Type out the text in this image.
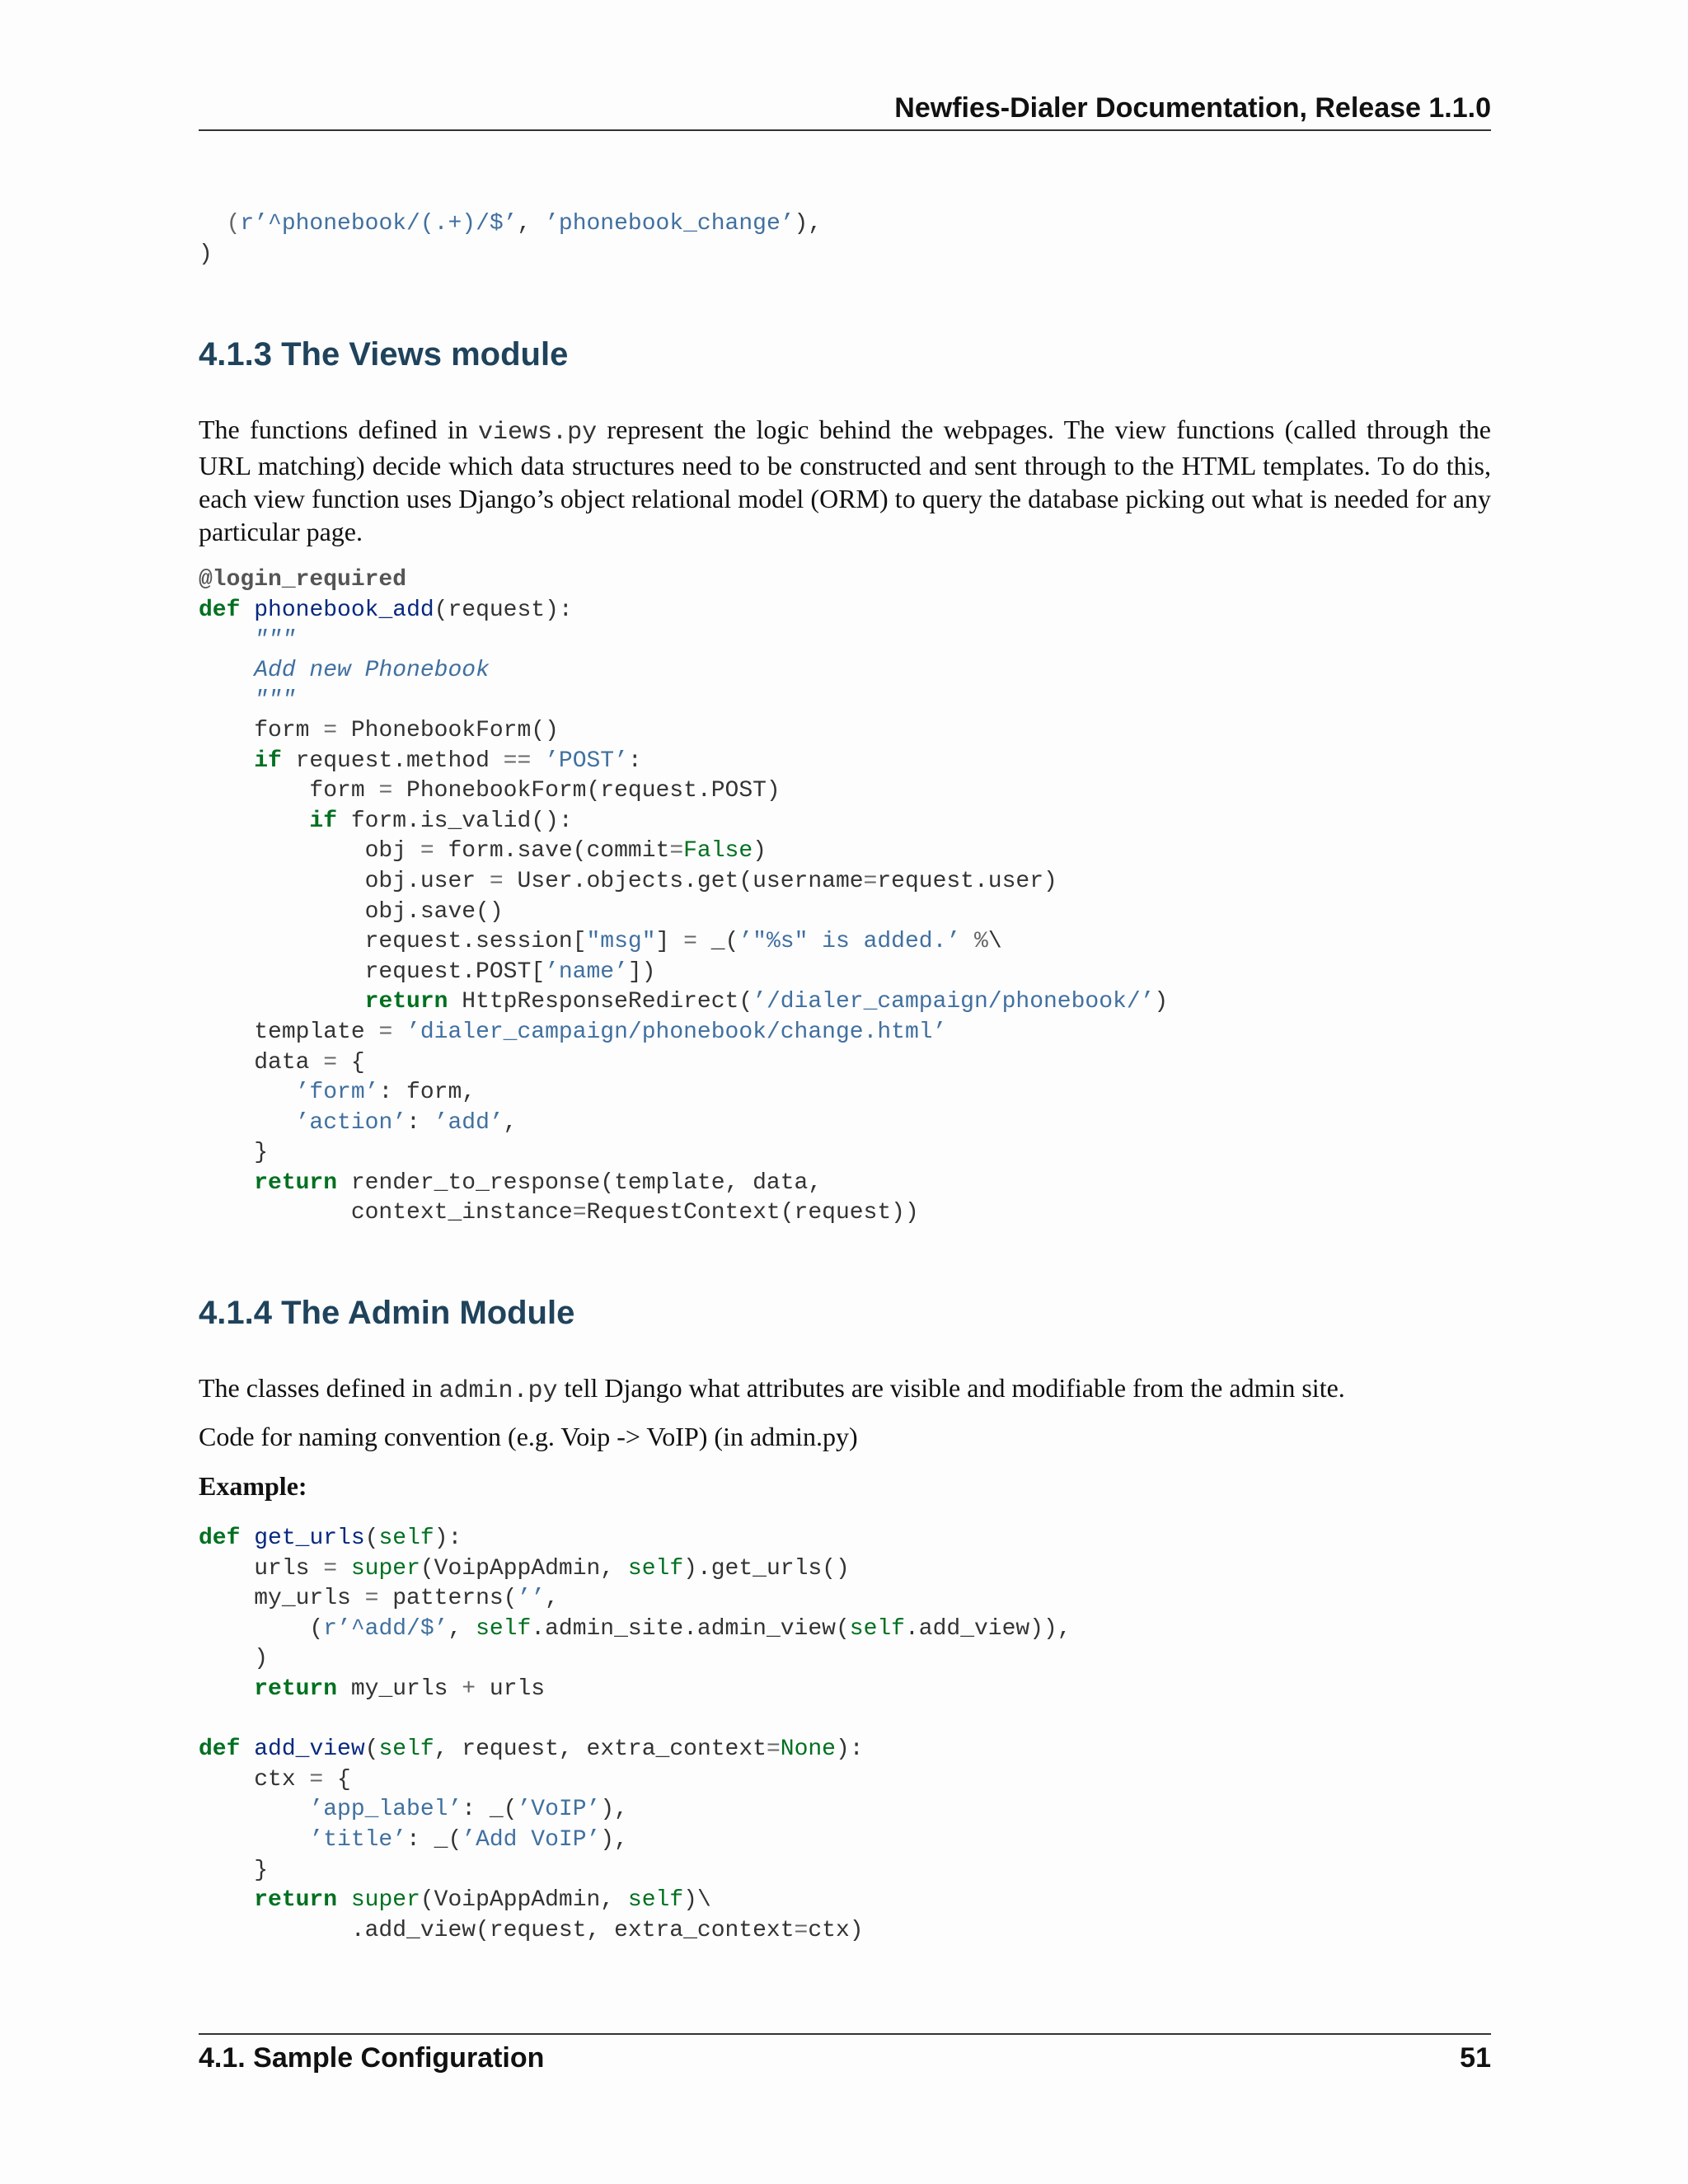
Newfies-Dialer Documentation, Release 1.1.0
(r’^phonebook/(.+)/$’, ’phonebook_change’),
)
4.1.3 The Views module

The functions defined in views.py represent the logic behind the webpages. The view functions (called through the URL matching) decide which data structures need to be constructed and sent through to the HTML templates. To do this, each view function uses Django’s object relational model (ORM) to query the database picking out what is needed for any particular page.

@login_required
def phonebook_add(request):
"""
Add new Phonebook
"""
form = PhonebookForm()
if request.method == ’POST’:
form = PhonebookForm(request.POST)
if form.is_valid():
obj = form.save(commit=False)
obj.user = User.objects.get(username=request.user)
obj.save()
request.session["msg"] = _(’"%s" is added.’ %\
request.POST[’name’])
return HttpResponseRedirect(’/dialer_campaign/phonebook/’)
template = ’dialer_campaign/phonebook/change.html’
data = {
’form’: form,
’action’: ’add’,
}
return render_to_response(template, data,
context_instance=RequestContext(request))
4.1.4 The Admin Module

The classes defined in admin.py tell Django what attributes are visible and modifiable from the admin site.

Code for naming convention (e.g. Voip -> VoIP) (in admin.py)

Example:

def get_urls(self):
urls = super(VoipAppAdmin, self).get_urls()
my_urls = patterns(’’,
(r’^add/$’, self.admin_site.admin_view(self.add_view)),
)
return my_urls + urls

def add_view(self, request, extra_context=None):
ctx = {
’app_label’: _(’VoIP’),
’title’: _(’Add VoIP’),
}
return super(VoipAppAdmin, self)\
.add_view(request, extra_context=ctx)
4.1. Sample Configuration	51
